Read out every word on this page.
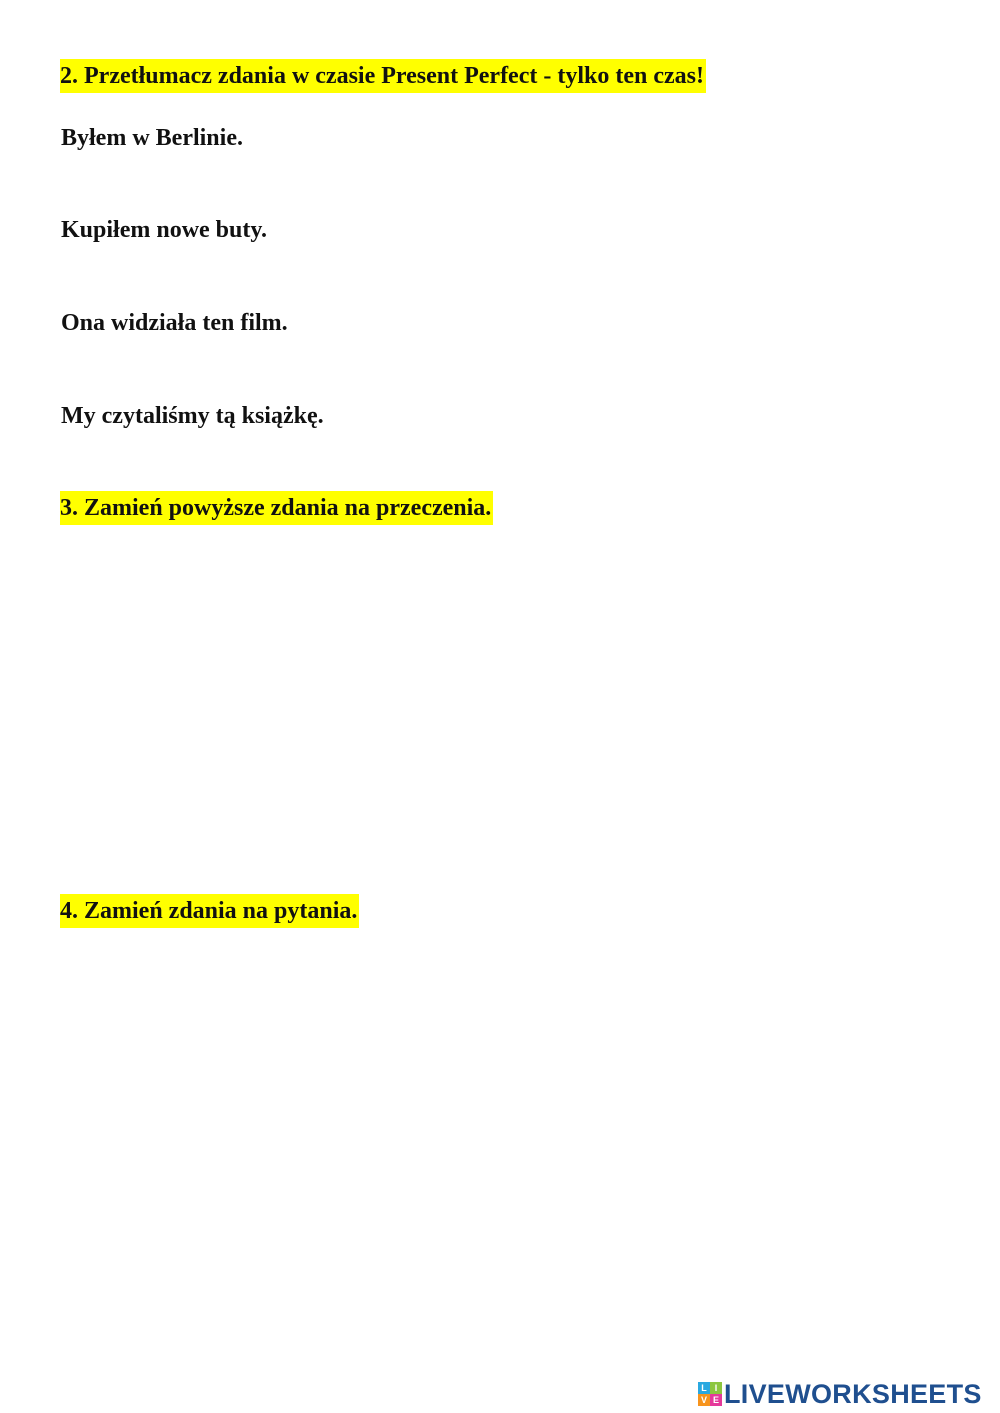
2. Przetłumacz zdania w czasie Present Perfect - tylko ten czas!
Byłem w Berlinie.
Kupiłem nowe buty.
Ona widziała ten film.
My czytaliśmy tą książkę.
3. Zamień powyższe zdania na przeczenia.
4. Zamień zdania na pytania.
L I
V E LIVEWORKSHEETS
